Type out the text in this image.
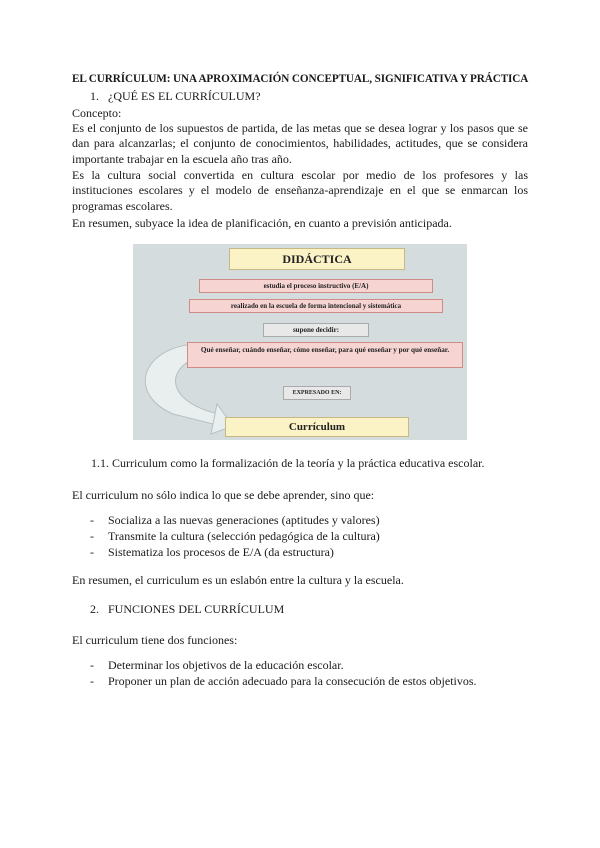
EL CURRÍCULUM: UNA APROXIMACIÓN CONCEPTUAL, SIGNIFICATIVA Y PRÁCTICA
1. ¿QUÉ ES EL CURRÍCULUM?
Concepto:
Es el conjunto de los supuestos de partida, de las metas que se desea lograr y los pasos que se dan para alcanzarlas; el conjunto de conocimientos, habilidades, actitudes, que se considera importante trabajar en la escuela año tras año.
Es la cultura social convertida en cultura escolar por medio de los profesores y las instituciones escolares y el modelo de enseñanza-aprendizaje en el que se enmarcan los programas escolares.
En resumen, subyace la idea de planificación, en cuanto a previsión anticipada.
DIDÁCTICA
estudia el proceso instructivo (E/A)
realizado en la escuela de forma intencional y sistemática
supone decidir:
Qué enseñar, cuándo enseñar, cómo enseñar, para qué enseñar y por qué enseñar.
EXPRESADO EN:
Currículum
1.1. Curriculum como la formalización de la teoría y la práctica educativa escolar.
El curriculum no sólo indica lo que se debe aprender, sino que:
- Socializa a las nuevas generaciones (aptitudes y valores)
- Transmite la cultura (selección pedagógica de la cultura)
- Sistematiza los procesos de E/A (da estructura)
En resumen, el curriculum es un eslabón entre la cultura y la escuela.
2. FUNCIONES DEL CURRÍCULUM
El curriculum tiene dos funciones:
- Determinar los objetivos de la educación escolar.
- Proponer un plan de acción adecuado para la consecución de estos objetivos.
